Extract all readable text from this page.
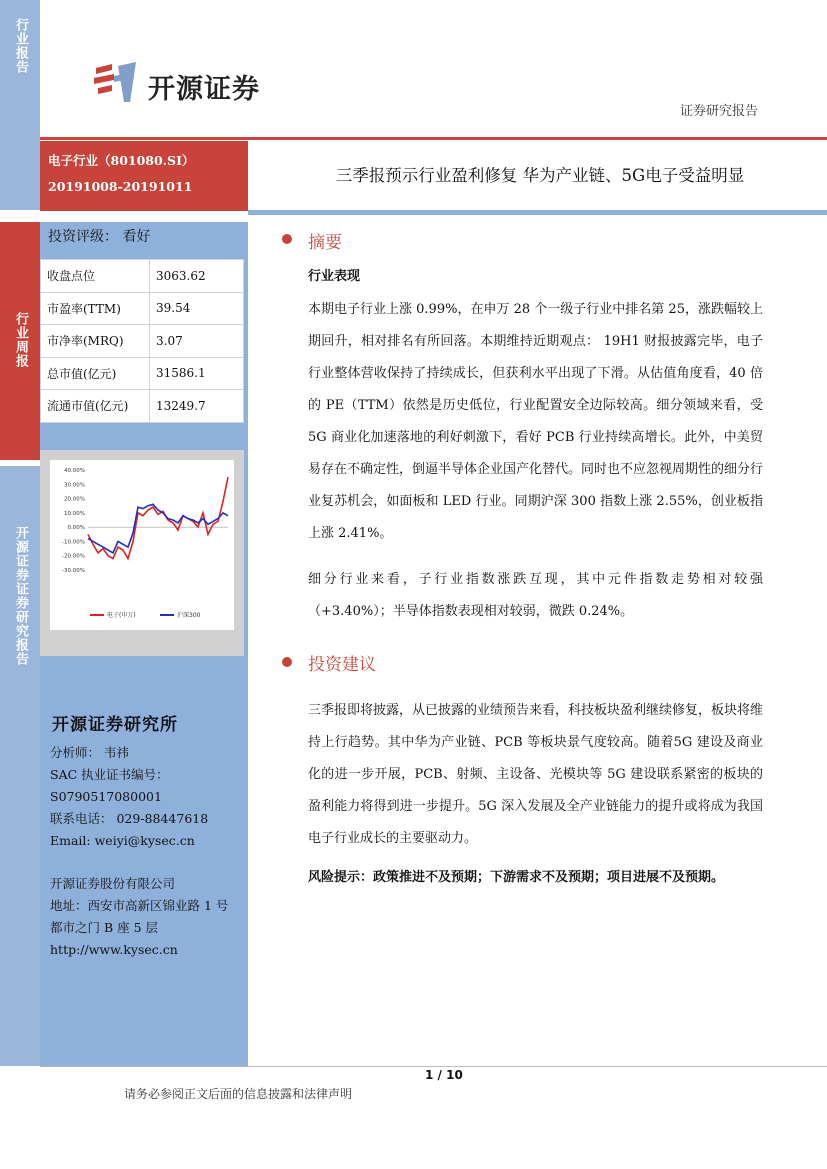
行业报告
行业周报
开源证券证券研究报告
开源证券
证券研究报告
电子行业（801080.SI）
20191008-20191011
三季报预示行业盈利修复 华为产业链、5G电子受益明显
投资评级： 看好
收盘点位	3063.62
市盈率(TTM)	39.54
市净率(MRQ)	3.07
总市值(亿元)	31586.1
流通市值(亿元)	13249.7
40.00%
30.00%
20.00%
10.00%
0.00%
-10.00%
-20.00%
-30.00%
电子(申万)	沪深300
开源证券研究所
分析师： 韦祎
SAC 执业证书编号：
S0790517080001
联系电话： 029-88447618
Email: weiyi@kysec.cn
开源证券股份有限公司
地址：西安市高新区锦业路 1 号
都市之门 B 座 5 层
http://www.kysec.cn
摘要
行业表现
本期电子行业上涨 0.99%，在申万 28 个一级子行业中排名第 25，涨跌幅较上期回升，相对排名有所回落。本期维持近期观点： 19H1 财报披露完毕，电子行业整体营收保持了持续成长，但获利水平出现了下滑。从估值角度看，40 倍的 PE（TTM）依然是历史低位，行业配置安全边际较高。细分领域来看，受 5G 商业化加速落地的利好刺激下，看好 PCB 行业持续高增长。此外，中美贸易存在不确定性，倒逼半导体企业国产化替代。同时也不应忽视周期性的细分行业复苏机会，如面板和 LED 行业。同期沪深 300 指数上涨 2.55%，创业板指上涨 2.41%。
细分行业来看，子行业指数涨跌互现，其中元件指数走势相对较强（+3.40%）；半导体指数表现相对较弱，微跌 0.24%。
投资建议
三季报即将披露，从已披露的业绩预告来看，科技板块盈利继续修复，板块将维持上行趋势。其中华为产业链、PCB 等板块景气度较高。随着5G 建设及商业化的进一步开展，PCB、射频、主设备、光模块等 5G 建设联系紧密的板块的盈利能力将得到进一步提升。5G 深入发展及全产业链能力的提升或将成为我国电子行业成长的主要驱动力。
风险提示：政策推进不及预期；下游需求不及预期；项目进展不及预期。
1 / 10
请务必参阅正文后面的信息披露和法律声明
